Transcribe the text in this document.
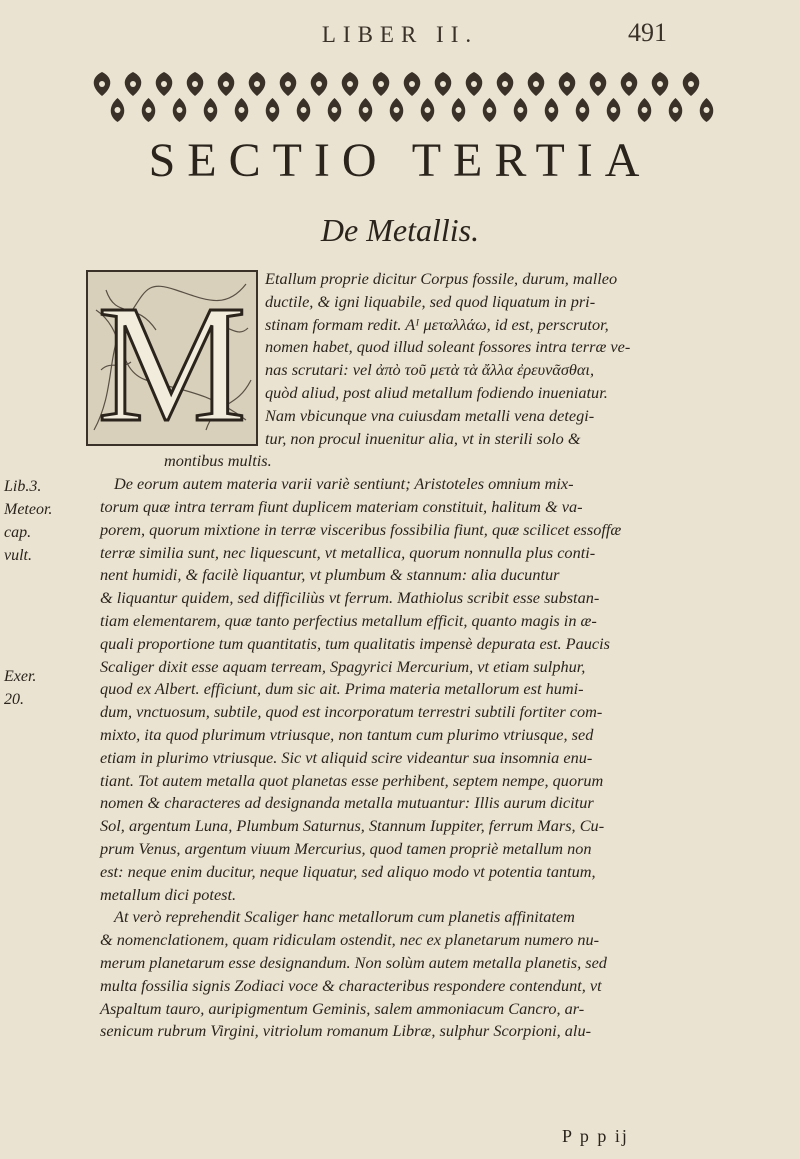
LIBER II.	491
SECTIO TERTIA
De Metallis.
M
Lib.3.
Meteor.
cap.
vult.
Exer.
20.
Etallum proprie dicitur Corpus fossile, durum, malleo
ductile, & igni liquabile, sed quod liquatum in pri-
stinam formam redit. Aᴵ μεταλλάω, id est, perscrutor,
nomen habet, quod illud soleant fossores intra terræ ve-
nas scrutari: vel ἀπὸ τοῦ μετὰ τὰ ἄλλα ἐρευνᾶσθαι,
quòd aliud, post aliud metallum fodiendo inueniatur.
Nam vbicunque vna cuiusdam metalli vena detegi-
tur, non procul inuenitur alia, vt in sterili solo &
montibus multis.
De eorum autem materia varii variè sentiunt; Aristoteles omnium mix-
torum quæ intra terram fiunt duplicem materiam constituit, halitum & va-
porem, quorum mixtione in terræ visceribus fossibilia fiunt, quæ scilicet essoffæ
terræ similia sunt, nec liquescunt, vt metallica, quorum nonnulla plus conti-
nent humidi, & facilè liquantur, vt plumbum & stannum: alia ducuntur
& liquantur quidem, sed difficiliùs vt ferrum. Mathiolus scribit esse substan-
tiam elementarem, quæ tanto perfectius metallum efficit, quanto magis in æ-
quali proportione tum quantitatis, tum qualitatis impensè depurata est. Paucis
Scaliger dixit esse aquam terream, Spagyrici Mercurium, vt etiam sulphur,
quod ex Albert. efficiunt, dum sic ait. Prima materia metallorum est humi-
dum, vnctuosum, subtile, quod est incorporatum terrestri subtili fortiter com-
mixto, ita quod plurimum vtriusque, non tantum cum plurimo vtriusque, sed
etiam in plurimo vtriusque. Sic vt aliquid scire videantur sua insomnia enu-
tiant. Tot autem metalla quot planetas esse perhibent, septem nempe, quorum
nomen & characteres ad designanda metalla mutuantur: Illis aurum dicitur
Sol, argentum Luna, Plumbum Saturnus, Stannum Iuppiter, ferrum Mars, Cu-
prum Venus, argentum viuum Mercurius, quod tamen propriè metallum non
est: neque enim ducitur, neque liquatur, sed aliquo modo vt potentia tantum,
metallum dici potest.
At verò reprehendit Scaliger hanc metallorum cum planetis affinitatem
& nomenclationem, quam ridiculam ostendit, nec ex planetarum numero nu-
merum planetarum esse designandum. Non solùm autem metalla planetis, sed
multa fossilia signis Zodiaci voce & characteribus respondere contendunt, vt
Aspaltum tauro, auripigmentum Geminis, salem ammoniacum Cancro, ar-
senicum rubrum Virgini, vitriolum romanum Libræ, sulphur Scorpioni, alu-
P p p ij
